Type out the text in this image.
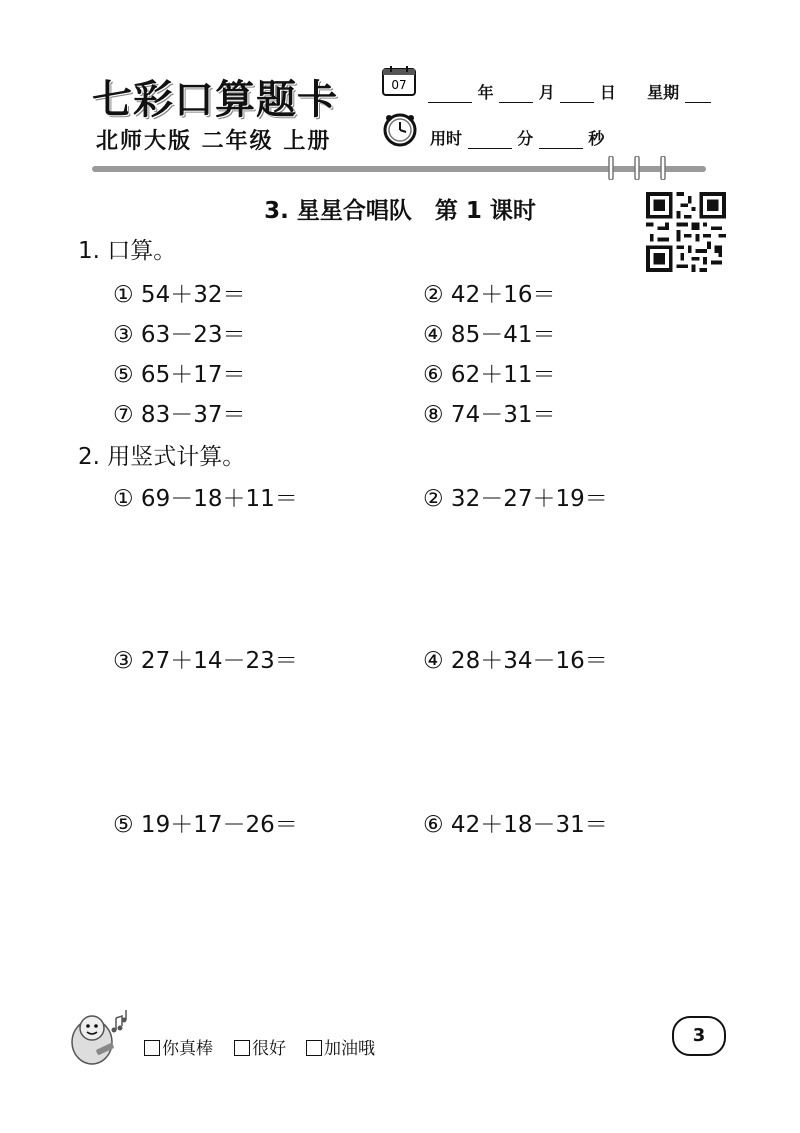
七彩口算题卡
北师大版 二年级 上册
07	年	月	日 星期
用时	分	秒
3. 星星合唱队　第 1 课时
1. 口算。
① 54＋32＝	② 42＋16＝
③ 63－23＝	④ 85－41＝
⑤ 65＋17＝	⑥ 62＋11＝
⑦ 83－37＝	⑧ 74－31＝
2. 用竖式计算。
① 69－18＋11＝	② 32－27＋19＝
③ 27＋14－23＝	④ 28＋34－16＝
⑤ 19＋17－26＝	⑥ 42＋18－31＝
你真棒	很好	加油哦
3
